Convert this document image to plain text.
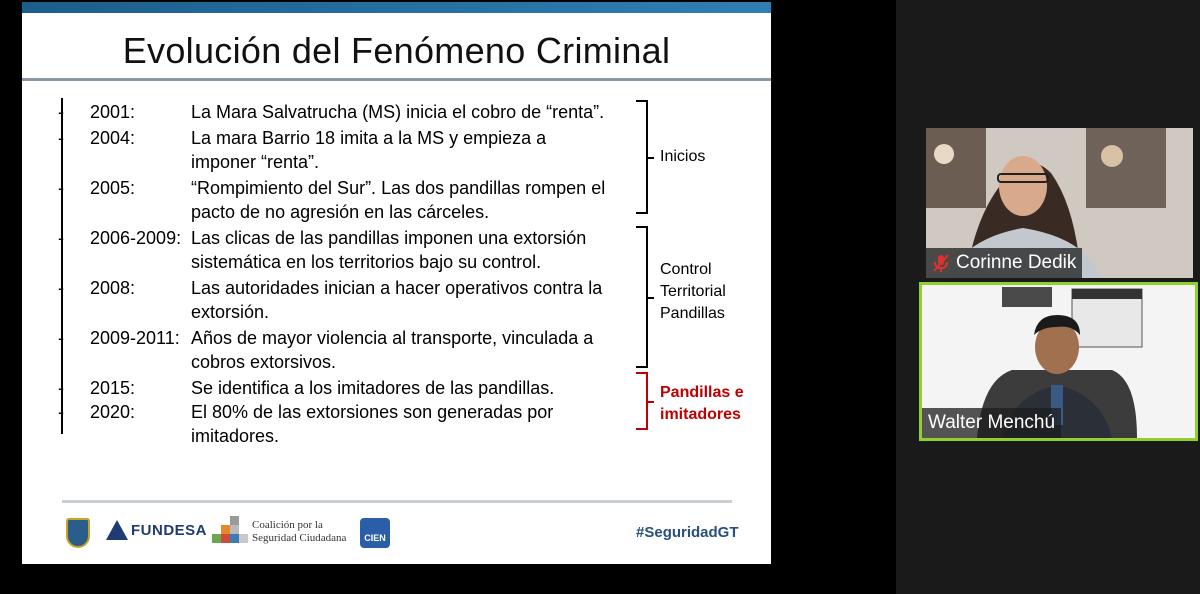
Evolución del Fenómeno Criminal
- 2001:	La Mara Salvatrucha (MS) inicia el cobro de “renta”.
- 2004:	La mara Barrio 18 imita a la MS y empieza a imponer “renta”.
- 2005:	“Rompimiento del Sur”. Las dos pandillas rompen el pacto de no agresión en las cárceles.
- 2006-2009: Las clicas de las pandillas imponen una extorsión sistemática en los territorios bajo su control.
- 2008:	Las autoridades inician a hacer operativos contra la extorsión.
- 2009-2011: Años de mayor violencia al transporte, vinculada a cobros extorsivos.
- 2015:	Se identifica a los imitadores de las pandillas.
- 2020:	El 80% de las extorsiones son generadas por imitadores.
Inicios
Control
Territorial
Pandillas
Pandillas e
imitadores
FUNDESA	Coalición por la
Seguridad Ciudadana	CIEN	#SeguridadGT
Corinne Dedik
Walter Menchú
